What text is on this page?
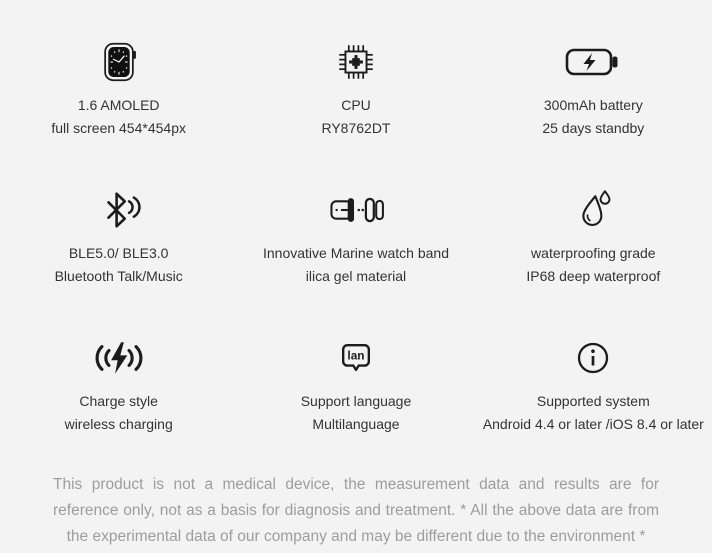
1.6 AMOLED
full screen 454*454px
CPU
RY8762DT
300mAh battery
25 days standby
BLE5.0/ BLE3.0
Bluetooth Talk/Music
Innovative Marine watch band
ilica gel material
waterproofing grade
IP68 deep waterproof
Charge style
wireless charging
lan
Support language
Multilanguage
Supported system
Android 4.4 or later /iOS 8.4 or later

This product is not a medical device, the measurement data and results are for reference only, not as a basis for diagnosis and treatment. * All the above data are from the experimental data of our company and may be different due to the environment *
